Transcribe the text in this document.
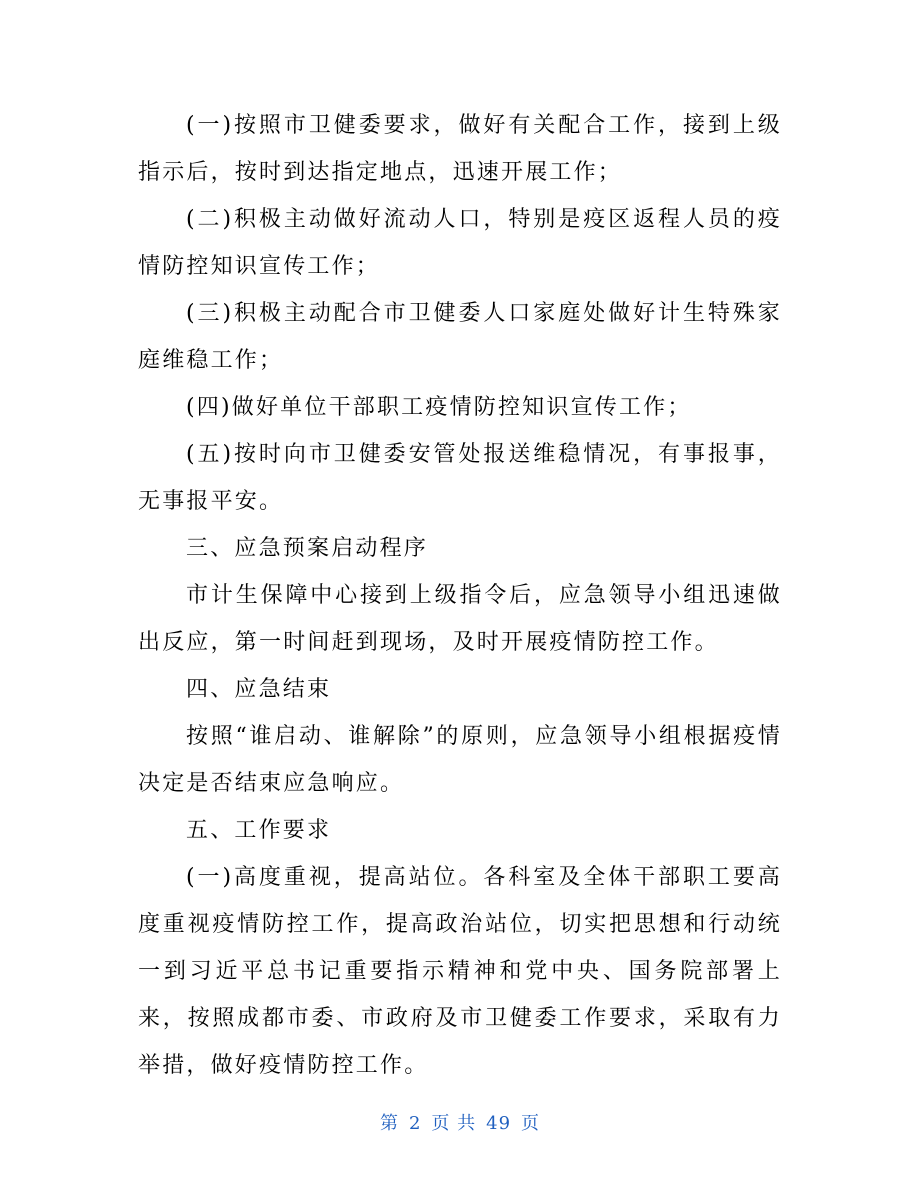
(一)按照市卫健委要求，做好有关配合工作，接到上级指示后，按时到达指定地点，迅速开展工作；

(二)积极主动做好流动人口，特别是疫区返程人员的疫情防控知识宣传工作；

(三)积极主动配合市卫健委人口家庭处做好计生特殊家庭维稳工作；

(四)做好单位干部职工疫情防控知识宣传工作；

(五)按时向市卫健委安管处报送维稳情况，有事报事，无事报平安。

三、应急预案启动程序

市计生保障中心接到上级指令后，应急领导小组迅速做出反应，第一时间赶到现场，及时开展疫情防控工作。

四、应急结束

按照“谁启动、谁解除”的原则，应急领导小组根据疫情决定是否结束应急响应。

五、工作要求

(一)高度重视，提高站位。各科室及全体干部职工要高度重视疫情防控工作，提高政治站位，切实把思想和行动统一到习近平总书记重要指示精神和党中央、国务院部署上来，按照成都市委、市政府及市卫健委工作要求，采取有力举措，做好疫情防控工作。

第 2 页 共 49 页
